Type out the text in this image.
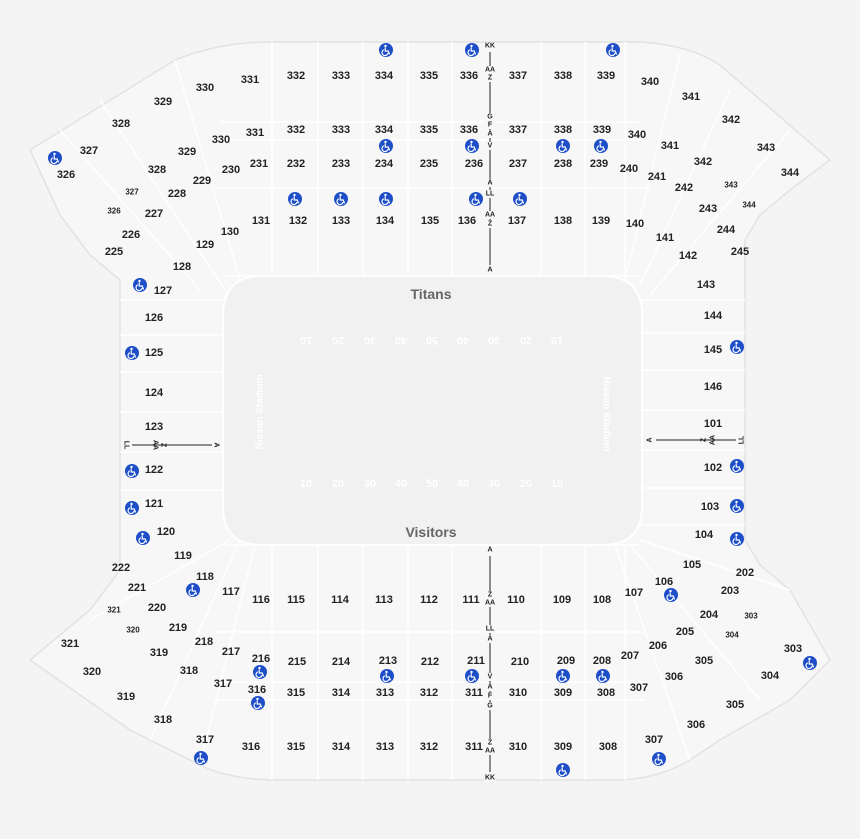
Titans
Visitors
Nissan Stadium	Nissan Stadium
10 20 30 40 50 40 30 20 10
10 20 30 40 50 40 30 20 10
LL	AA Z	A
A	Z AA	LL
KK
AA
Z
G
F
A
V
A
LL
AA
Z
A
A
Z
AA
LL
A
V
A
F
G
Z
AA
KK
331	332 333 334 335 336	337 338 339 340
330
329
328
327
326
341
342
343
344
331 332 333 334 335 336	337 338 339 340
330
329
328
341
342
231 232 233 234 235 236 237 238 239 240
230
229
228
241
242
243
244
245
227
226
225
131 132 133 134 135 136	137	138 139 140
130
129
128
127
141
142
143
144
145
146
101
102
103
104
105
106
107
126
125
124
123
122
121
120
119
118
117
116 115 114 113 112 111	110	109 108
222
221
220
219
218
217
202
203
204
205
206
207
216 215 214	213 212	211 210	209 208
321
320
319
318
317
305
306
307
303
304
316 315 314 313 312 311 310 309 308
319
318
317
305
306
307
316 315 314 313 312 311 310 309 308
327
326
343
344
321
320
303
304
